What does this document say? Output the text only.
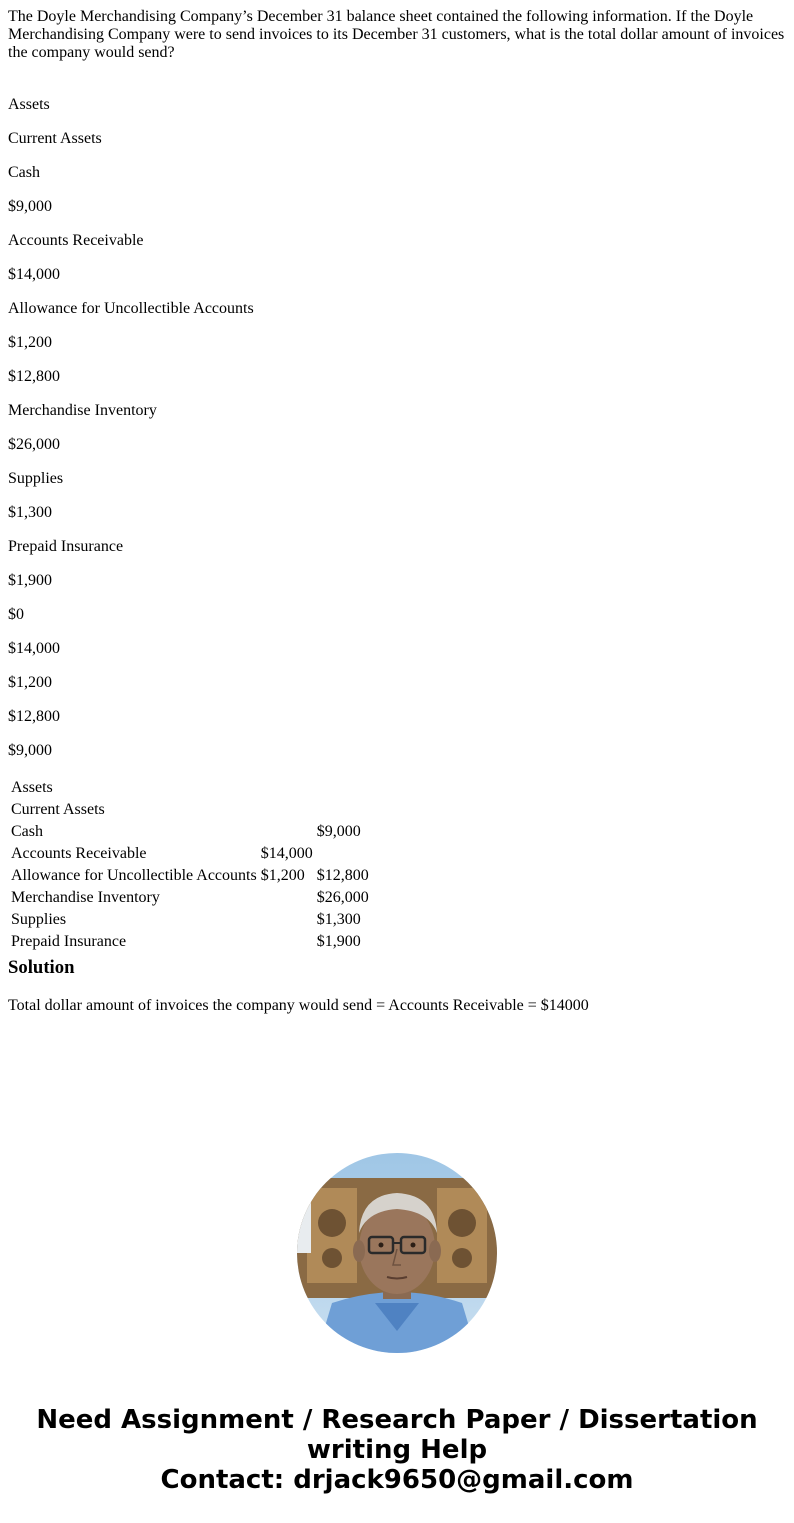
The Doyle Merchandising Company’s December 31 balance sheet contained the following information. If the Doyle Merchandising Company were to send invoices to its December 31 customers, what is the total dollar amount of invoices the company would send?

Assets

Current Assets

Cash

$9,000

Accounts Receivable

$14,000

Allowance for Uncollectible Accounts

$1,200

$12,800

Merchandise Inventory

$26,000

Supplies

$1,300

Prepaid Insurance

$1,900

$0

$14,000

$1,200

$12,800

$9,000

Assets		
Current Assets		
Cash		$9,000
Accounts Receivable	$14,000	
Allowance for Uncollectible Accounts	$1,200	$12,800
Merchandise Inventory		$26,000
Supplies		$1,300
Prepaid Insurance		$1,900
Solution

Total dollar amount of invoices the company would send = Accounts Receivable = $14000

Need Assignment / Research Paper / Dissertation
writing Help
Contact: drjack9650@gmail.com
